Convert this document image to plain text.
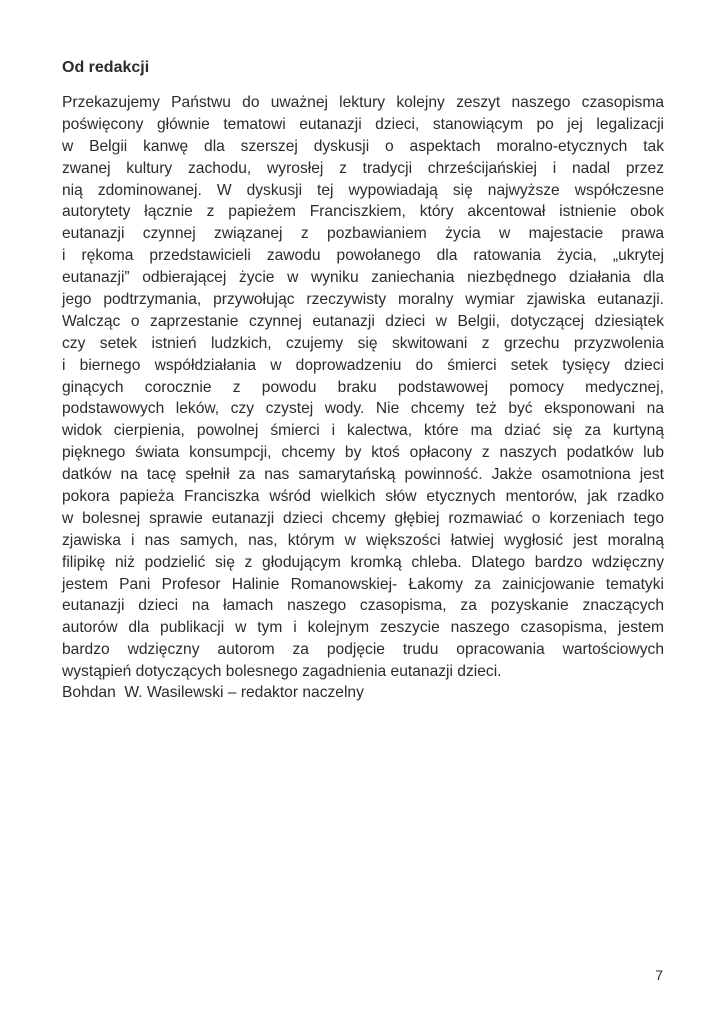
Od redakcji
Przekazujemy Państwu do uważnej lektury kolejny zeszyt naszego czasopisma
poświęcony głównie tematowi eutanazji dzieci, stanowiącym po jej legalizacji
w Belgii kanwę dla szerszej dyskusji o aspektach moralno-etycznych tak
zwanej kultury zachodu, wyrosłej z tradycji chrześcijańskiej i nadal przez
nią zdominowanej. W dyskusji tej wypowiadają się najwyższe współczesne
autorytety łącznie z papieżem Franciszkiem, który akcentował istnienie obok
eutanazji czynnej związanej z pozbawianiem życia w majestacie prawa
i rękoma przedstawicieli zawodu powołanego dla ratowania życia, „ukrytej
eutanazji” odbierającej życie w wyniku zaniechania niezbędnego działania dla
jego podtrzymania, przywołując rzeczywisty moralny wymiar zjawiska eutanazji.
Walcząc o zaprzestanie czynnej eutanazji dzieci w Belgii, dotyczącej dziesiątek
czy setek istnień ludzkich, czujemy się skwitowani z grzechu przyzwolenia
i biernego współdziałania w doprowadzeniu do śmierci setek tysięcy dzieci
ginących corocznie z powodu braku podstawowej pomocy medycznej,
podstawowych leków, czy czystej wody. Nie chcemy też być eksponowani na
widok cierpienia, powolnej śmierci i kalectwa, które ma dziać się za kurtyną
pięknego świata konsumpcji, chcemy by ktoś opłacony z naszych podatków lub
datków na tacę spełnił za nas samarytańską powinność. Jakże osamotniona jest
pokora papieża Franciszka wśród wielkich słów etycznych mentorów, jak rzadko
w bolesnej sprawie eutanazji dzieci chcemy głębiej rozmawiać o korzeniach tego
zjawiska i nas samych, nas, którym w większości łatwiej wygłosić jest moralną
filipikę niż podzielić się z głodującym kromką chleba. Dlatego bardzo wdzięczny
jestem Pani Profesor Halinie Romanowskiej- Łakomy za zainicjowanie tematyki
eutanazji dzieci na łamach naszego czasopisma, za pozyskanie znaczących
autorów dla publikacji w tym i kolejnym zeszycie naszego czasopisma, jestem
bardzo wdzięczny autorom za podjęcie trudu opracowania wartościowych
wystąpień dotyczących bolesnego zagadnienia eutanazji dzieci.
Bohdan  W. Wasilewski – redaktor naczelny
7
